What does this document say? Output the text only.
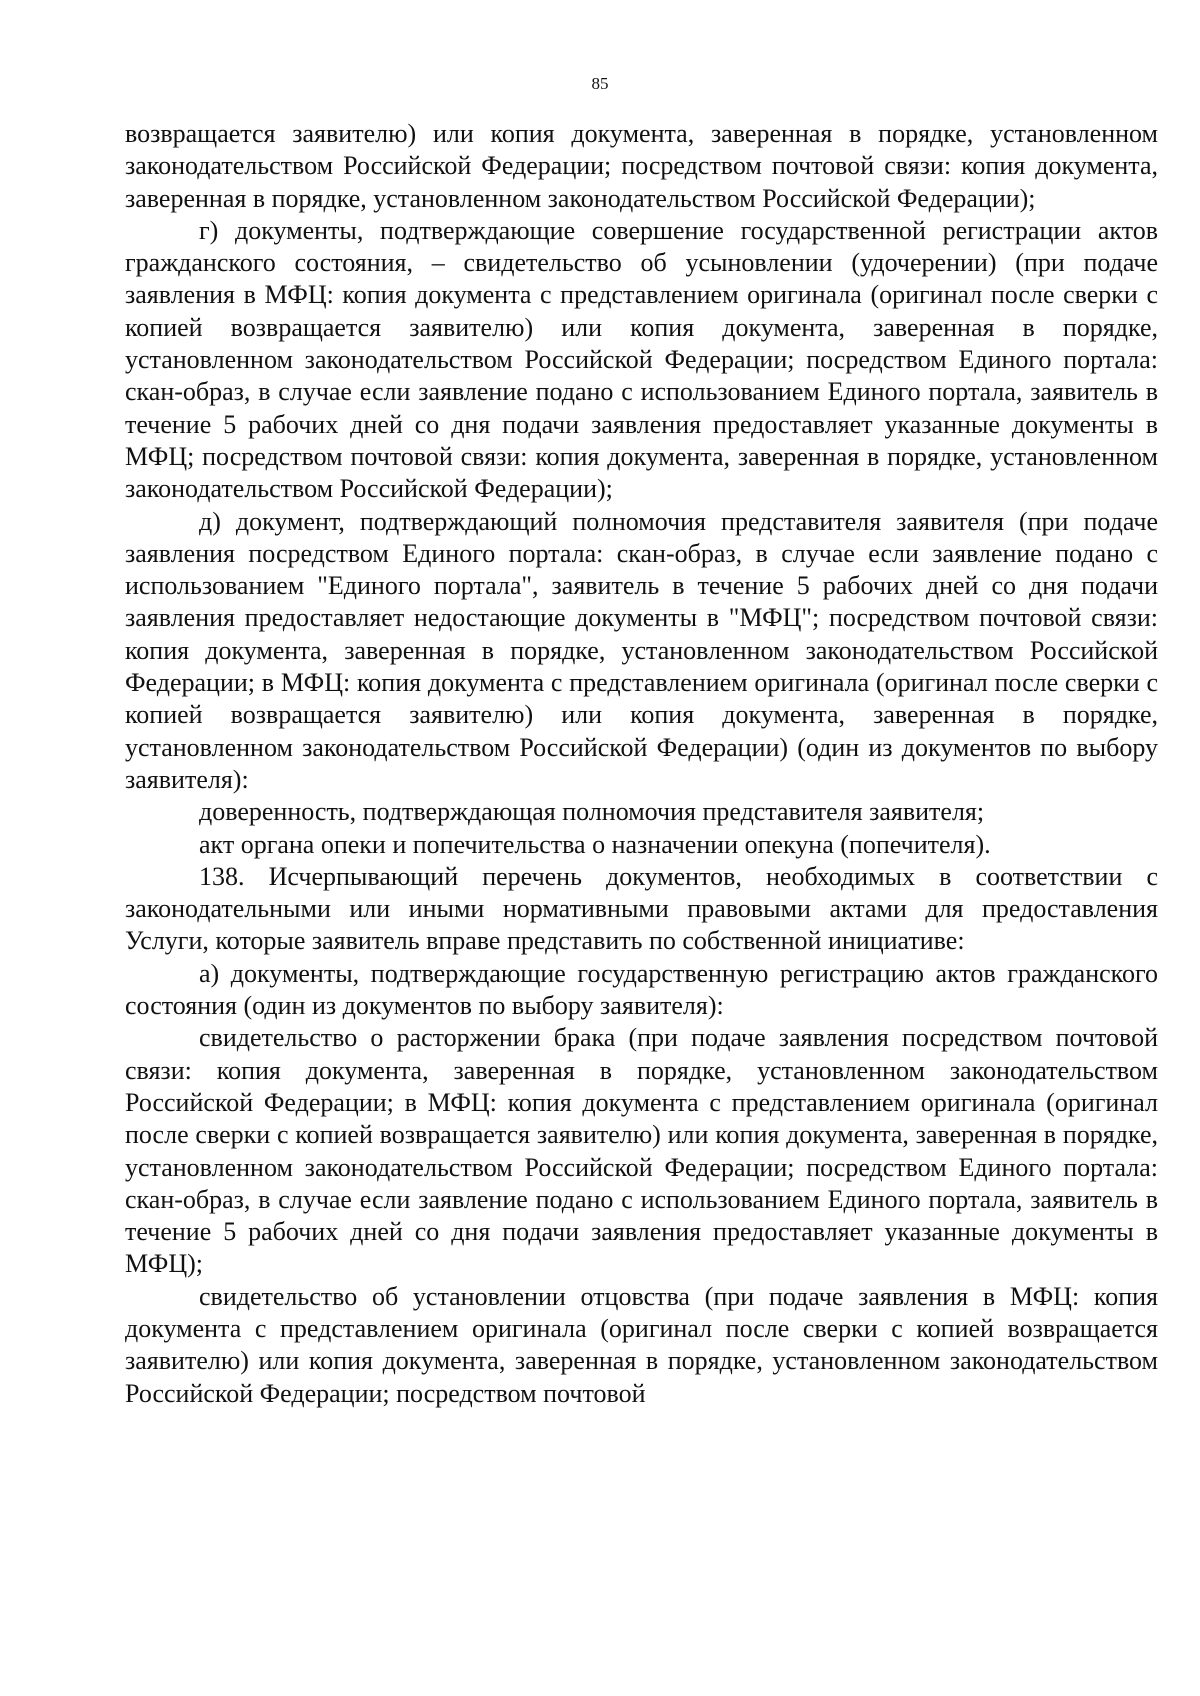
85

возвращается заявителю) или копия документа, заверенная в порядке, установленном законодательством Российской Федерации; посредством почтовой связи: копия документа, заверенная в порядке, установленном законодательством Российской Федерации);

г) документы, подтверждающие совершение государственной регистрации актов гражданского состояния, – свидетельство об усыновлении (удочерении) (при подаче заявления в МФЦ: копия документа с представлением оригинала (оригинал после сверки с копией возвращается заявителю) или копия документа, заверенная в порядке, установленном законодательством Российской Федерации; посредством Единого портала: скан-образ, в случае если заявление подано с использованием Единого портала, заявитель в течение 5 рабочих дней со дня подачи заявления предоставляет указанные документы в МФЦ; посредством почтовой связи: копия документа, заверенная в порядке, установленном законодательством Российской Федерации);

д) документ, подтверждающий полномочия представителя заявителя (при подаче заявления посредством Единого портала: скан-образ, в случае если заявление подано с использованием "Единого портала", заявитель в течение 5 рабочих дней со дня подачи заявления предоставляет недостающие документы в "МФЦ"; посредством почтовой связи: копия документа, заверенная в порядке, установленном законодательством Российской Федерации; в МФЦ: копия документа с представлением оригинала (оригинал после сверки с копией возвращается заявителю) или копия документа, заверенная в порядке, установленном законодательством Российской Федерации) (один из документов по выбору заявителя):

доверенность, подтверждающая полномочия представителя заявителя;

акт органа опеки и попечительства о назначении опекуна (попечителя).

138. Исчерпывающий перечень документов, необходимых в соответствии с законодательными или иными нормативными правовыми актами для предоставления Услуги, которые заявитель вправе представить по собственной инициативе:

а) документы, подтверждающие государственную регистрацию актов гражданского состояния (один из документов по выбору заявителя):

свидетельство о расторжении брака (при подаче заявления посредством почтовой связи: копия документа, заверенная в порядке, установленном законодательством Российской Федерации; в МФЦ: копия документа с представлением оригинала (оригинал после сверки с копией возвращается заявителю) или копия документа, заверенная в порядке, установленном законодательством Российской Федерации; посредством Единого портала: скан-образ, в случае если заявление подано с использованием Единого портала, заявитель в течение 5 рабочих дней со дня подачи заявления предоставляет указанные документы в МФЦ);

свидетельство об установлении отцовства (при подаче заявления в МФЦ: копия документа с представлением оригинала (оригинал после сверки с копией возвращается заявителю) или копия документа, заверенная в порядке, установленном законодательством Российской Федерации; посредством почтовой
